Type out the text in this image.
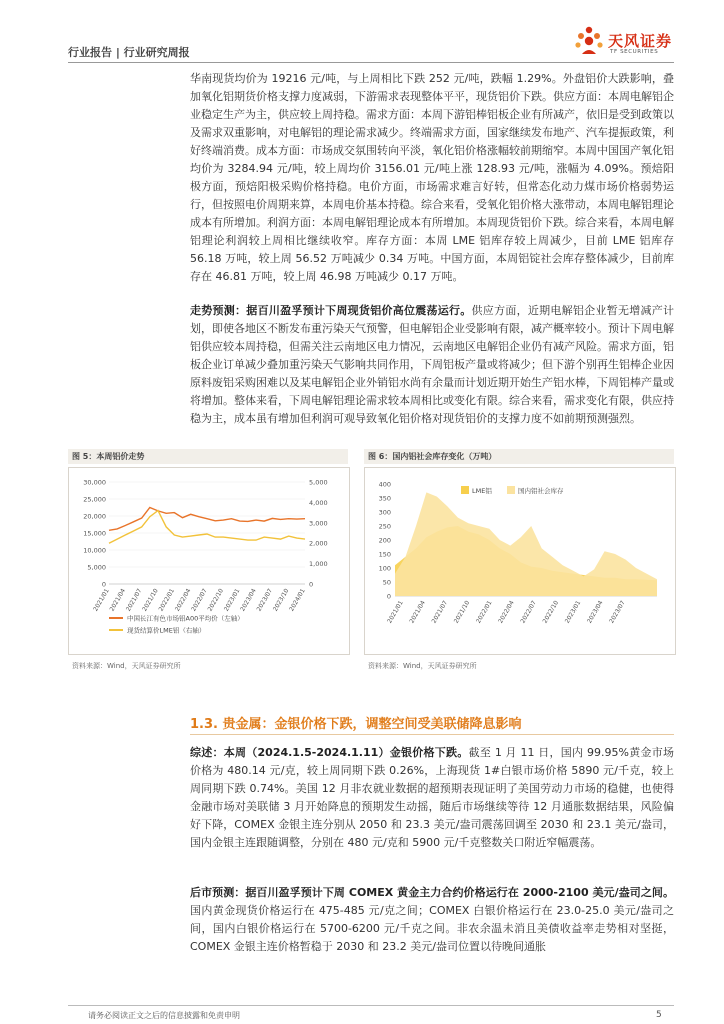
行业报告 | 行业研究周报
天风证券
TF SECURITIES

华南现货均价为 19216 元/吨，与上周相比下跌 252 元/吨，跌幅 1.29%。外盘铝价大跌影响，叠加氧化铝期货价格支撑力度减弱，下游需求表现整体平平，现货铝价下跌。供应方面：本周电解铝企业稳定生产为主，供应较上周持稳。需求方面：本周下游铝棒铝板企业有所减产，依旧是受到政策以及需求双重影响，对电解铝的理论需求减少。终端需求方面，国家继续发布地产、汽车提振政策，利好终端消费。成本方面：市场成交氛围转向平淡，氧化铝价格涨幅较前期缩窄。本周中国国产氧化铝均价为 3284.94 元/吨，较上周均价 3156.01 元/吨上涨 128.93 元/吨，涨幅为 4.09%。预焙阳极方面，预焙阳极采购价格持稳。电价方面，市场需求难言好转，但常态化动力煤市场价格弱势运行，但按照电价周期来算，本周电价基本持稳。综合来看，受氧化铝价格大涨带动，本周电解铝理论成本有所增加。利润方面：本周电解铝理论成本有所增加。本周现货铝价下跌。综合来看，本周电解铝理论利润较上周相比继续收窄。库存方面：本周 LME 铝库存较上周减少，目前 LME 铝库存 56.18 万吨，较上周 56.52 万吨减少 0.34 万吨。中国方面，本周铝锭社会库存整体减少，目前库存在 46.81 万吨，较上周 46.98 万吨减少 0.17 万吨。

走势预测：据百川盈孚预计下周现货铝价高位震荡运行。供应方面，近期电解铝企业暂无增减产计划，即使各地区不断发布重污染天气预警，但电解铝企业受影响有限，减产概率较小。预计下周电解铝供应较本周持稳，但需关注云南地区电力情况，云南地区电解铝企业仍有减产风险。需求方面，铝板企业订单减少叠加重污染天气影响共同作用，下周铝板产量或将减少；但下游个别再生铝棒企业因原料废铝采购困难以及某电解铝企业外销铝水尚有余量而计划近期开始生产铝水棒，下周铝棒产量或将增加。整体来看，下周电解铝理论需求较本周相比或变化有限。综合来看，需求变化有限，供应持稳为主，成本虽有增加但利润可观导致氧化铝价格对现货铝价的支撑力度不如前期预测强烈。

图 5：本周铝价走势
0
5,000
10,000
15,000
20,000
25,000
30,000
0
1,000
2,000
3,000
4,000
5,000
2021/01
2021/04
2021/07
2021/10
2022/01
2022/04
2022/07
2022/10
2023/01
2023/04
2023/07
2023/10
2024/01
中国长江有色市场铝A00平均价（左轴）
现货结算价LME铝（右轴）
资料来源：Wind，天风证券研究所
图 6：国内铝社会库存变化（万吨）
0
50
100
150
200
250
300
350
400
2021/01 2021/04 2021/07 2021/10 2022/01 2022/04 2022/07 2022/10 2023/01 2023/04 2023/07
LME铝	国内铝社会库存
资料来源：Wind，天风证券研究所
1.3. 贵金属：金银价格下跌，调整空间受美联储降息影响

综述：本周（2024.1.5-2024.1.11）金银价格下跌。截至 1 月 11 日，国内 99.95%黄金市场价格为 480.14 元/克，较上周同期下跌 0.26%，上海现货 1#白银市场价格 5890 元/千克，较上周同期下跌 0.74%。美国 12 月非农就业数据的超预期表现证明了美国劳动力市场的稳健，也使得金融市场对美联储 3 月开始降息的预期发生动摇，随后市场继续等待 12 月通胀数据结果，风险偏好下降，COMEX 金银主连分别从 2050 和 23.3 美元/盎司震荡回调至 2030 和 23.1 美元/盎司，国内金银主连跟随调整，分别在 480 元/克和 5900 元/千克整数关口附近窄幅震荡。

后市预测：据百川盈孚预计下周 COMEX 黄金主力合约价格运行在 2000-2100 美元/盎司之间。国内黄金现货价格运行在 475-485 元/克之间；COMEX 白银价格运行在 23.0-25.0 美元/盎司之间，国内白银价格运行在 5700-6200 元/千克之间。非农余温未消且美债收益率走势相对坚挺，COMEX 金银主连价格暂稳于 2030 和 23.2 美元/盎司位置以待晚间通胀

请务必阅读正文之后的信息披露和免责申明	5
